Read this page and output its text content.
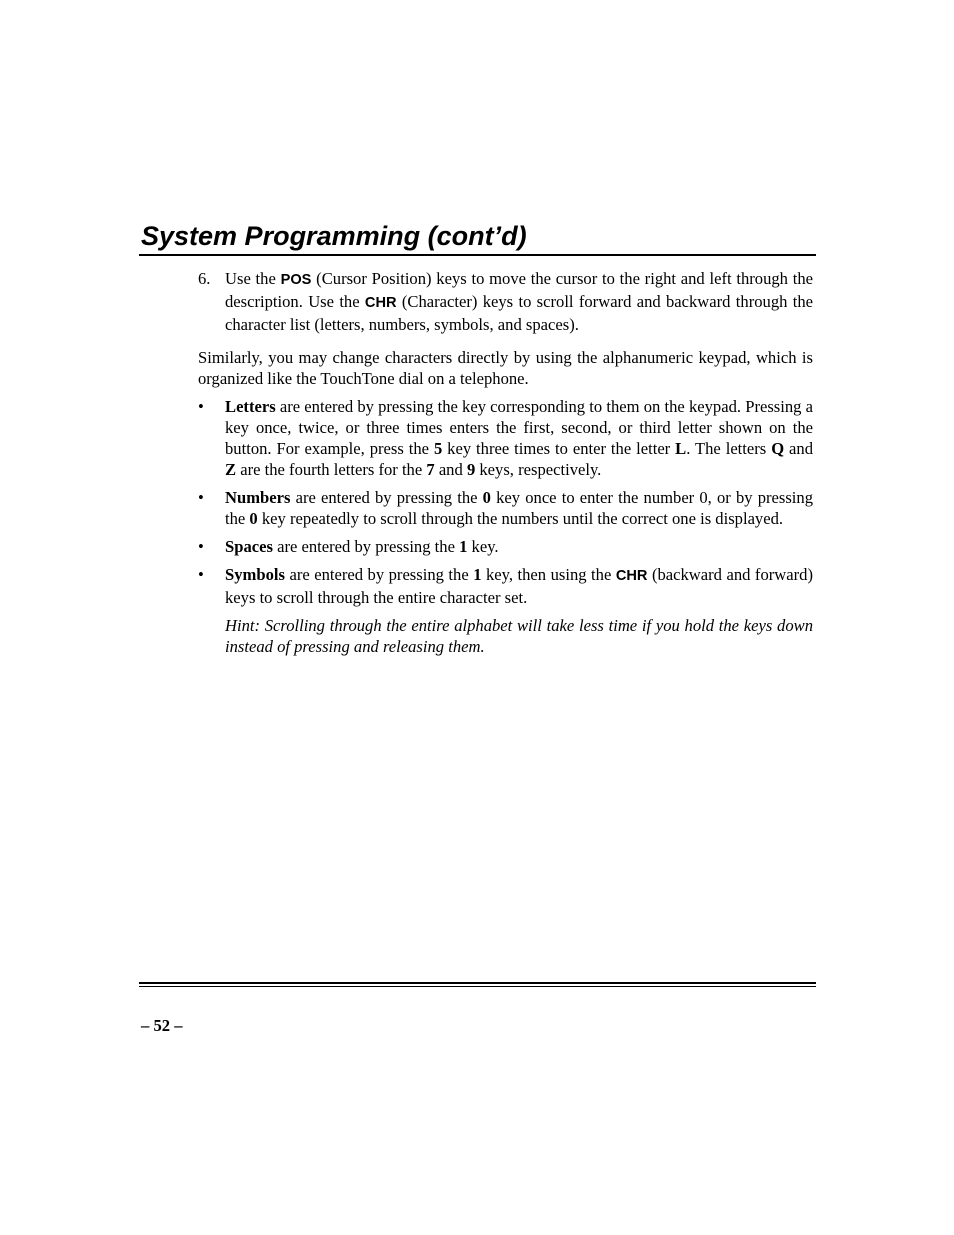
System Programming (cont’d)

6. Use the POS (Cursor Position) keys to move the cursor to the right and left through the description. Use the CHR (Character) keys to scroll forward and backward through the character list (letters, numbers, symbols, and spaces).

Similarly, you may change characters directly by using the alphanumeric keypad, which is organized like the TouchTone dial on a telephone.

• Letters are entered by pressing the key corresponding to them on the keypad. Pressing a key once, twice, or three times enters the first, second, or third letter shown on the button. For example, press the 5 key three times to enter the letter L. The letters Q and Z are the fourth letters for the 7 and 9 keys, respectively.

• Numbers are entered by pressing the 0 key once to enter the number 0, or by pressing the 0 key repeatedly to scroll through the numbers until the correct one is displayed.

• Spaces are entered by pressing the 1 key.

• Symbols are entered by pressing the 1 key, then using the CHR (backward and forward) keys to scroll through the entire character set.

Hint: Scrolling through the entire alphabet will take less time if you hold the keys down instead of pressing and releasing them.

– 52 –
